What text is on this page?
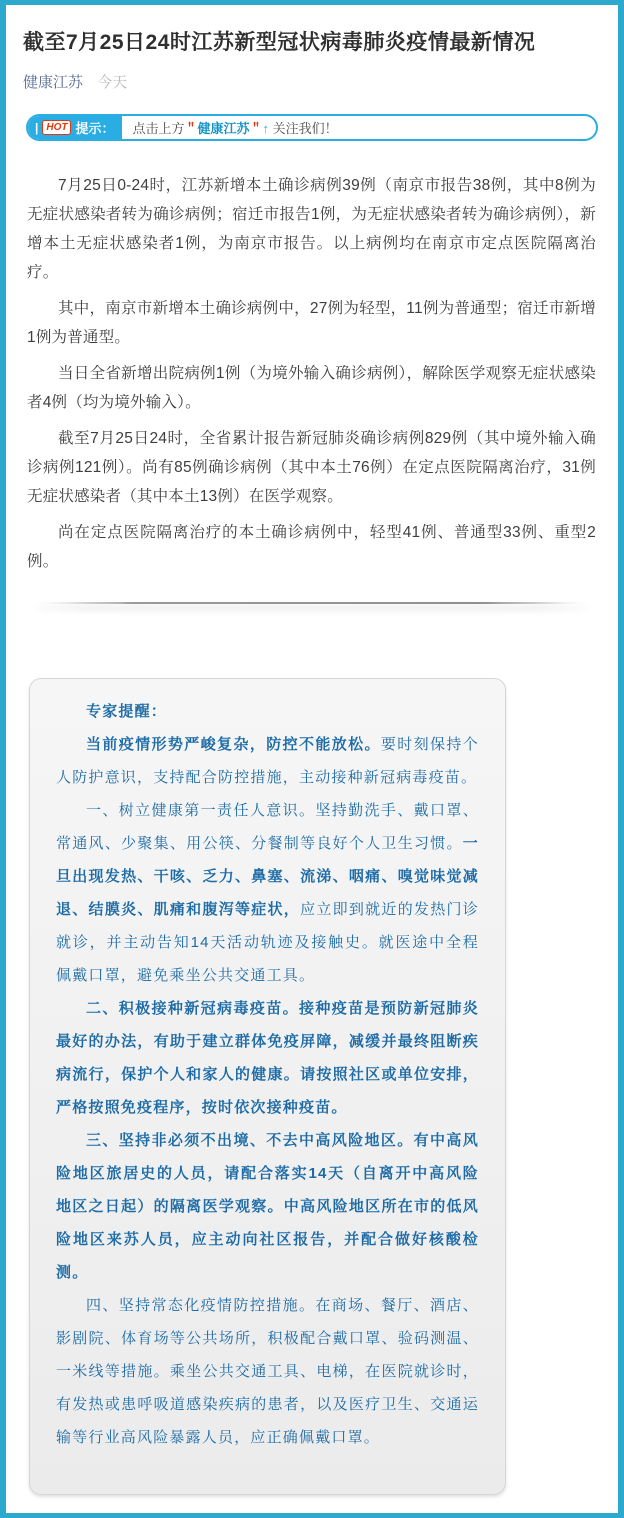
截至7月25日24时江苏新型冠状病毒肺炎疫情最新情况
健康江苏 今天
| HOT 提示： 点击上方＂健康江苏＂↑ 关注我们！

7月25日0-24时，江苏新增本土确诊病例39例（南京市报告38例，其中8例为无症状感染者转为确诊病例；宿迁市报告1例，为无症状感染者转为确诊病例），新增本土无症状感染者1例，为南京市报告。以上病例均在南京市定点医院隔离治疗。

其中，南京市新增本土确诊病例中，27例为轻型，11例为普通型；宿迁市新增1例为普通型。

当日全省新增出院病例1例（为境外输入确诊病例），解除医学观察无症状感染者4例（均为境外输入）。

截至7月25日24时，全省累计报告新冠肺炎确诊病例829例（其中境外输入确诊病例121例）。尚有85例确诊病例（其中本土76例）在定点医院隔离治疗，31例无症状感染者（其中本土13例）在医学观察。

尚在定点医院隔离治疗的本土确诊病例中，轻型41例、普通型33例、重型2例。

专家提醒：

当前疫情形势严峻复杂，防控不能放松。要时刻保持个人防护意识，支持配合防控措施，主动接种新冠病毒疫苗。

一、树立健康第一责任人意识。坚持勤洗手、戴口罩、常通风、少聚集、用公筷、分餐制等良好个人卫生习惯。一旦出现发热、干咳、乏力、鼻塞、流涕、咽痛、嗅觉味觉减退、结膜炎、肌痛和腹泻等症状，应立即到就近的发热门诊就诊，并主动告知14天活动轨迹及接触史。就医途中全程佩戴口罩，避免乘坐公共交通工具。

二、积极接种新冠病毒疫苗。接种疫苗是预防新冠肺炎最好的办法，有助于建立群体免疫屏障，减缓并最终阻断疾病流行，保护个人和家人的健康。请按照社区或单位安排，严格按照免疫程序，按时依次接种疫苗。

三、坚持非必须不出境、不去中高风险地区。有中高风险地区旅居史的人员，请配合落实14天（自离开中高风险地区之日起）的隔离医学观察。中高风险地区所在市的低风险地区来苏人员，应主动向社区报告，并配合做好核酸检测。

四、坚持常态化疫情防控措施。在商场、餐厅、酒店、影剧院、体育场等公共场所，积极配合戴口罩、验码测温、一米线等措施。乘坐公共交通工具、电梯，在医院就诊时，有发热或患呼吸道感染疾病的患者，以及医疗卫生、交通运输等行业高风险暴露人员，应正确佩戴口罩。
